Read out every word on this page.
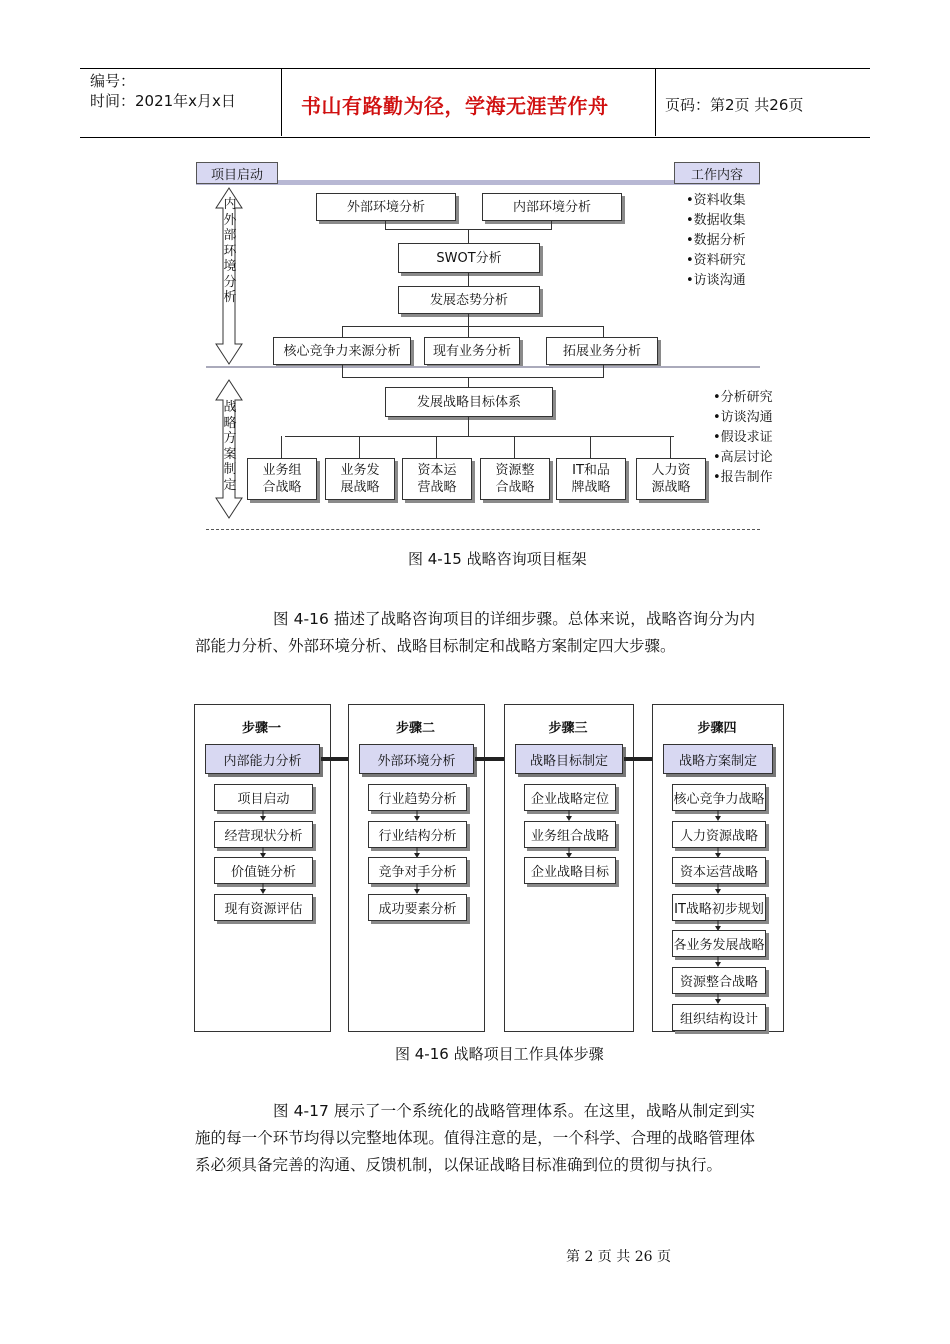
编号：
时间：2021年x月x日	书山有路勤为径，学海无涯苦作舟	页码：第2页 共26页
项目启动	工作内容
内外部环境分析
战略方案制定
外部环境分析	内部环境分析
SWOT分析
发展态势分析
核心竞争力来源分析	现有业务分析	拓展业务分析
发展战略目标体系
业务组
合战略
业务发
展战略
资本运
营战略
资源整
合战略
IT和品
牌战略
人力资
源战略
•资料收集
•数据收集
•数据分析
•资料研究
•访谈沟通
•分析研究
•访谈沟通
•假设求证
•高层讨论
•报告制作
图 4-15 战略咨询项目框架
图 4-16 描述了战略咨询项目的详细步骤。总体来说，战略咨询分为内部能力分析、外部环境分析、战略目标制定和战略方案制定四大步骤。
步骤一
内部能力分析
项目启动
经营现状分析
价值链分析
现有资源评估
步骤二
外部环境分析
行业趋势分析
行业结构分析
竞争对手分析
成功要素分析
步骤三
战略目标制定
企业战略定位
业务组合战略
企业战略目标
步骤四
战略方案制定
核心竞争力战略
人力资源战略
资本运营战略
IT战略初步规划
各业务发展战略
资源整合战略
组织结构设计
图 4-16 战略项目工作具体步骤
图 4-17 展示了一个系统化的战略管理体系。在这里，战略从制定到实施的每一个环节均得以完整地体现。值得注意的是，一个科学、合理的战略管理体系必须具备完善的沟通、反馈机制，以保证战略目标准确到位的贯彻与执行。
第 2 页 共 26 页
